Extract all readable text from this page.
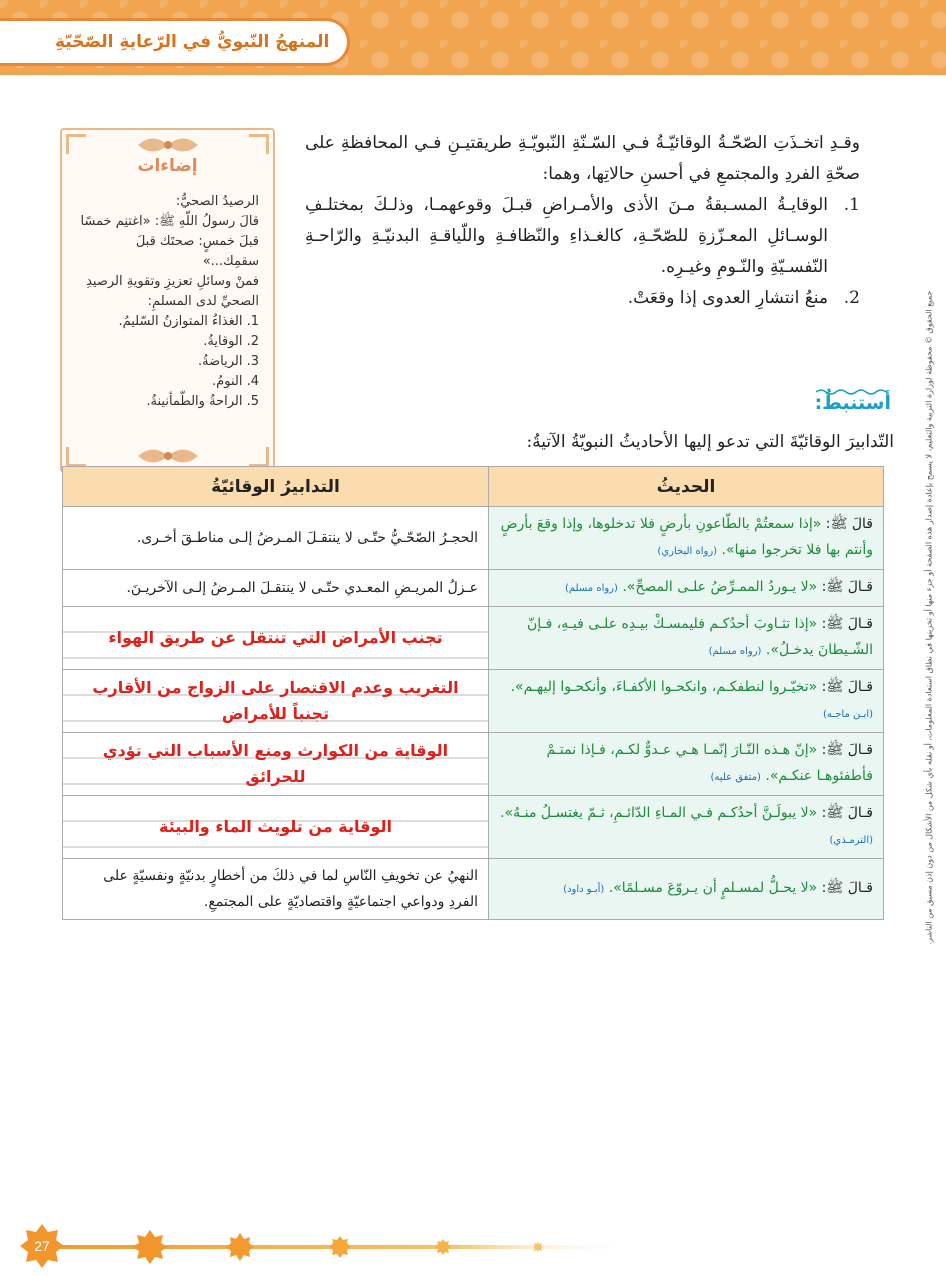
المنهجُ النّبويُّ في الرّعايةِ الصّحّيّةِ

وقـدِ اتخـذَتِ الصّحّـةُ الوقائيّـةُ فـي السّـنّةِ النّبويّـةِ طريقتيـنِ فـي المحافظةِ على صحّةِ الفردِ والمجتمعِ في أحسنِ حالاتِها، وهما:

1.
الوقايـةُ المسـبقةُ مـنَ الأذى والأمـراضِ قبـلَ وقوعهمـا، وذلـكَ بمختلـفِ الوسـائلِ المعـزّزةِ للصّحّـةِ، كالغـذاءِ والنّظافـةِ واللّياقـةِ البدنيّـةِ والرّاحـةِ النّفسـيّةِ والنّـومِ وغيـرِه.
2.
منعُ انتشارِ العدوى إذا وقعَتْ.
إضاءات

الرصيدُ الصحيُّ:

قالَ رسولُ اللّهِ ﷺ: «اغتنِم خمسًا قبلَ خمسٍ: صحتَك قبلَ سقمِك...»

فمنْ وسائلِ تعزيزِ وتقويةِ الرصيدِ الصحيِّ لدى المسلمِ:

1. الغذاءُ المتوازنُ السّليمُ.

2. الوقايةُ.

3. الرياضةُ.

4. النومُ.

5. الراحةُ والطّمأنينةُ.	جميع الحقوق © محفوظة لوزارة التربية والتعليم، لا يسمح بإعادة إصدار هذه الصفحة أو جزء منها أو تخزينها في نطاق استعادة المعلومات، أو نقله بأي شكل من الأشكال من دون إذن مسبق من الناشر.
أستنبطُ:
التّدابيرَ الوقائيّةَ التي تدعو إليها الأحاديثُ النبويّةُ الآتيةُ:
الحديثُ	التدابيرُ الوقائيّةُ
قالَ ﷺ: «إذا سمعتُمْ بالطّاعونِ بأرضٍ فلا تدخلوها، وإذا وقعَ بأرضٍ وأنتم بها فلا تخرجوا منها». (رواه البخاري)	الحجـرُ الصّحّـيُّ حتّـى لا ينتقـلَ المـرضُ إلـى مناطـقَ أخـرى.
قـالَ ﷺ: «لا يـوردُ الممـرِّضُ علـى المصحِّ». (رواه مسلم)	عـزلُ المريـضِ المعـدي حتّـى لا ينتقـلَ المـرضُ إلـى الآخريـنَ.
قـالَ ﷺ: «إذا تثـاوبَ أحدُكـم فليمسـكْ بيـدِه علـى فيـهِ، فـإنّ الشّـيطانَ يدخـلُ». (رواه مسلم)	تجنب الأمراض التي تنتقل عن طريق الهواء
قـالَ ﷺ: «تخيّـروا لنطفكـم، وانكحـوا الأكفـاءَ، وأنكحـوا إليهـم». (ابـن ماجـه)	التغريب وعدم الاقتصار على الزواج من الأقارب تجنباً للأمراض
قـالَ ﷺ: «إنّ هـذه النّـارَ إنّمـا هـي عـدوٌّ لكـم، فـإذا نمتـمْ فأطفئوهـا عنكـم». (متفق عليه)	الوقاية من الكوارث ومنع الأسباب التي تؤدي للحرائق
قـالَ ﷺ: «لا يبولَـنَّ أحدُكـم فـي المـاءِ الدّائـمِ، ثـمّ يغتسـلُ منـهُ». (الترمـذي)	الوقاية من تلويث الماء والبيئة
قـالَ ﷺ: «لا يحـلُّ لمسـلمٍ أن يـروّعَ مسـلمًا». (أبـو داود)	النهيُ عن تخويفِ النّاسِ لما في ذلكَ من أخطارٍ بدنيّةٍ ونفسيّةٍ على الفردِ ودواعي اجتماعيّةٍ واقتصاديّةٍ على المجتمعِ.
27
